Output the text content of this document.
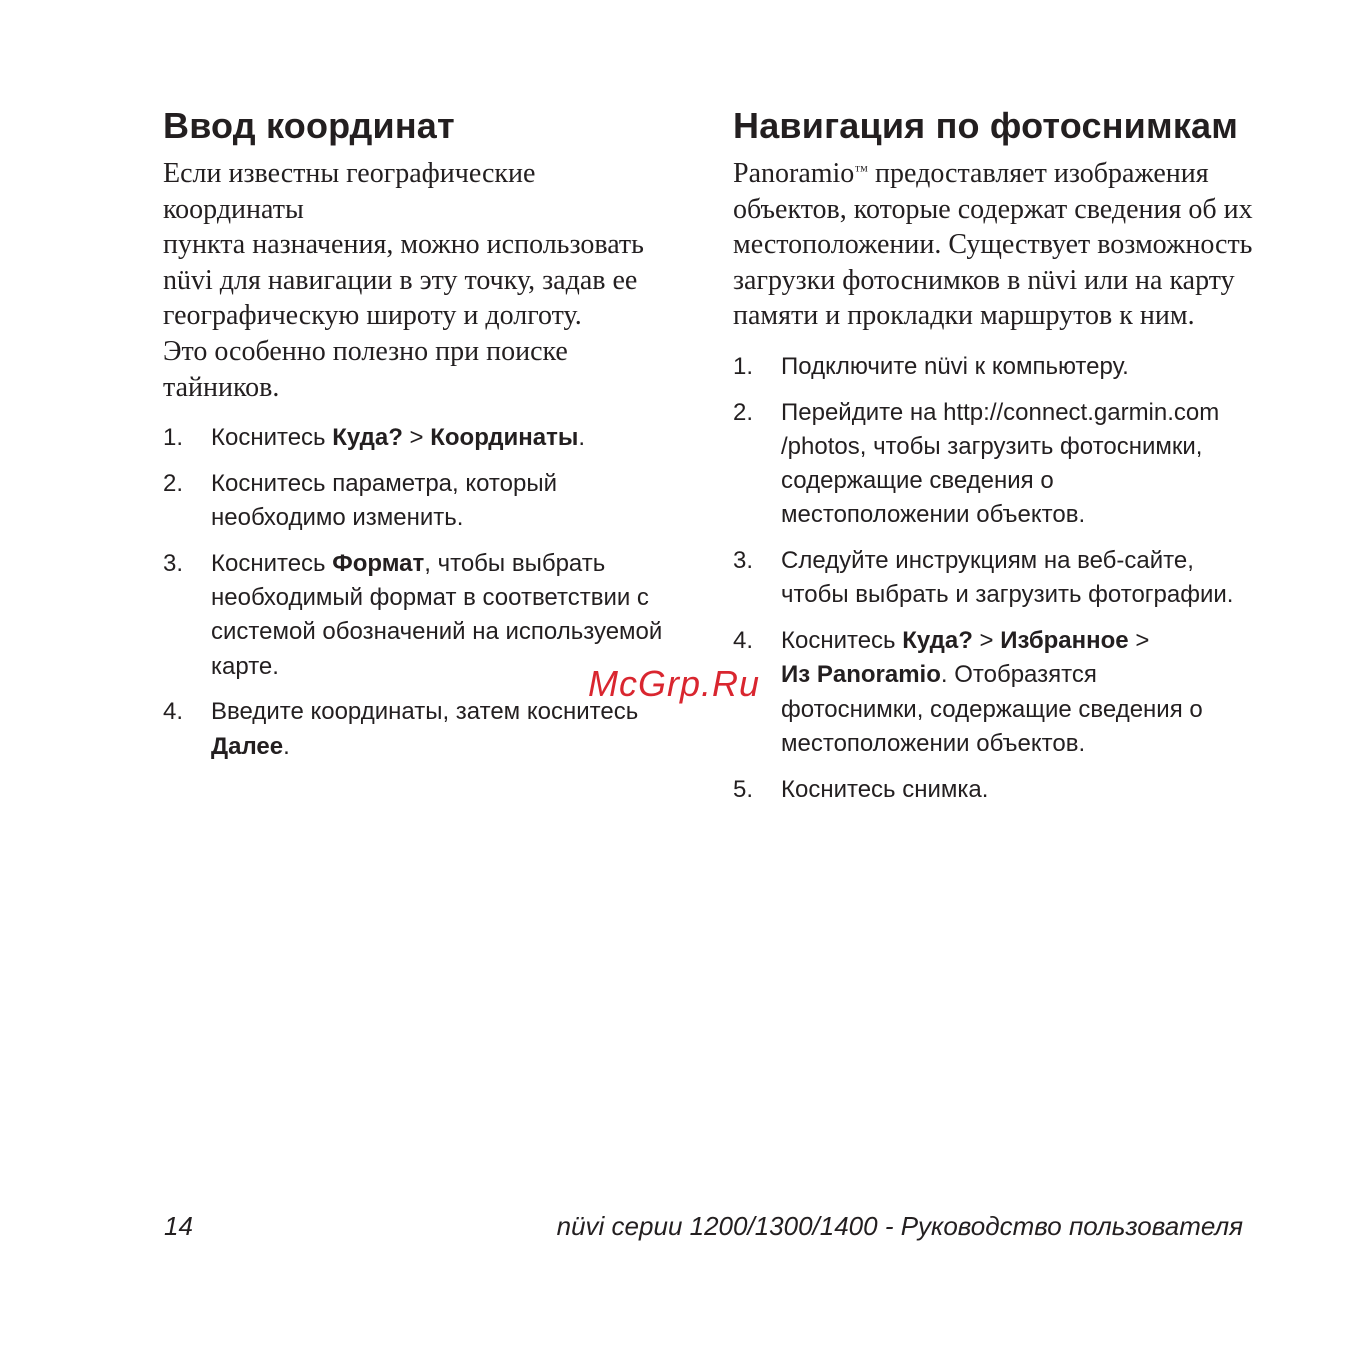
Ввод координат

Если известны географические координаты
пункта назначения, можно использовать
nüvi для навигации в эту точку, задав ее
географическую широту и долготу.
Это особенно полезно при поиске
тайников.

1.	Коснитесь Куда? > Координаты.
2.	Коснитесь параметра, который
необходимо изменить.
3.	Коснитесь Формат, чтобы выбрать
необходимый формат в соответствии с
системой обозначений на используемой
карте.
4.	Введите координаты, затем коснитесь
Далее.
Навигация по фотоснимкам

Panoramio™ предоставляет изображения
объектов, которые содержат сведения об их
местоположении. Существует возможность
загрузки фотоснимков в nüvi или на карту
памяти и прокладки маршрутов к ним.

1.	Подключите nüvi к компьютеру.
2.	Перейдите на http://connect.garmin.com
/photos, чтобы загрузить фотоснимки,
содержащие сведения о
местоположении объектов.
3.	Следуйте инструкциям на веб-сайте,
чтобы выбрать и загрузить фотографии.
4.	Коснитесь Куда? > Избранное >
Из Panoramio. Отобразятся
фотоснимки, содержащие сведения о
местоположении объектов.
5.	Коснитесь снимка.
McGrp.Ru
14	nüvi серии 1200/1300/1400 - Руководство пользователя
